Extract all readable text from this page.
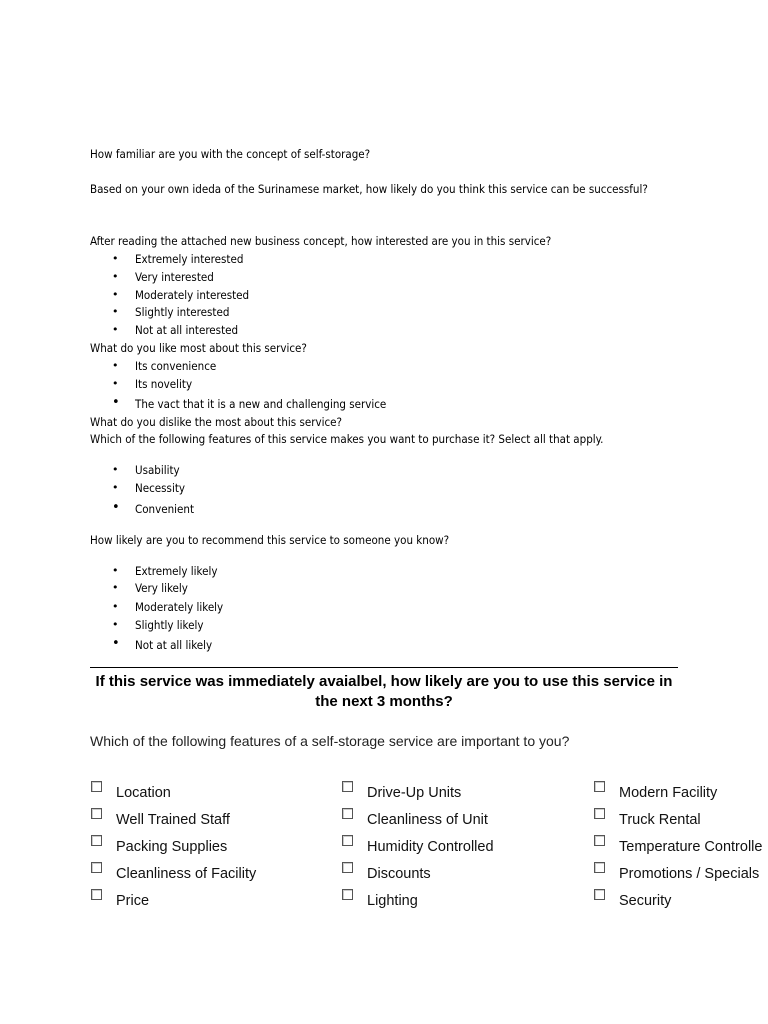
How familiar are you with the concept of self-storage?
Based on your own ideda of the Surinamese market, how likely do you think this service can be successful?
After reading the attached new business concept, how interested are you in this service?
• Extremely interested
• Very interested
• Moderately interested
• Slightly interested
• Not at all interested
What do you like most about this service?
• Its convenience
• Its novelity
• The vact that it is a new and challenging service
What do you dislike the most about this service?
Which of the following features of this service makes you want to purchase it? Select all that apply.
• Usability
• Necessity
• Convenient
How likely are you to recommend this service to someone you know?
• Extremely likely
• Very likely
• Moderately likely
• Slightly likely
• Not at all likely
If this service was immediately avaialbel, how likely are you to use this service in the next 3 months?
Which of the following features of a self-storage service are important to you?
Location
Well Trained Staff
Packing Supplies
Cleanliness of Facility
Price
Drive-Up Units
Cleanliness of Unit
Humidity Controlled
Discounts
Lighting
Modern Facility
Truck Rental
Temperature Controlle
Promotions / Specials
Security
